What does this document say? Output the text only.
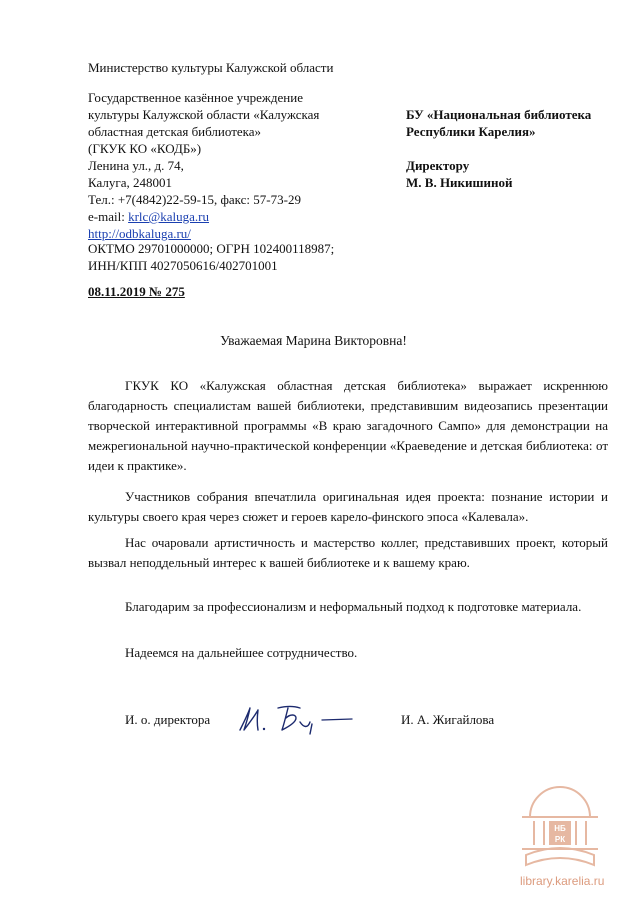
Министерство культуры Калужской области
Государственное казённое учреждение
культуры Калужской области «Калужская
областная детская библиотека»
(ГКУК КО «КОДБ»)
Ленина ул., д. 74,
Калуга, 248001
Тел.: +7(4842)22-59-15, факс: 57-73-29
e-mail: krlc@kaluga.ru
http://odbkaluga.ru/
ОКТМО 29701000000; ОГРН 102400118987;
ИНН/КПП 4027050616/402701001
08.11.2019 № 275
БУ «Национальная библиотека
Республики Карелия»
Директору
М. В. Никишиной
Уважаемая Марина Викторовна!
ГКУК КО «Калужская областная детская библиотека» выражает искреннюю
благодарность специалистам вашей библиотеки, представившим видеозапись презентации
творческой интерактивной программы «В краю загадочного Сампо» для демонстрации на
межрегиональной научно-практической конференции «Краеведение и детская библиотека: от
идеи к практике».
Участников собрания впечатлила оригинальная идея проекта: познание истории и
культуры своего края через сюжет и героев карело-финского эпоса «Калевала».
Нас очаровали артистичность и мастерство коллег, представивших проект, который
вызвал неподдельный интерес к вашей библиотеке и к вашему краю.
Благодарим за профессионализм и неформальный подход к подготовке материала.
Надеемся на дальнейшее сотрудничество.
И. о. директора	И. А. Жигайлова
НБ
РК
library.karelia.ru
